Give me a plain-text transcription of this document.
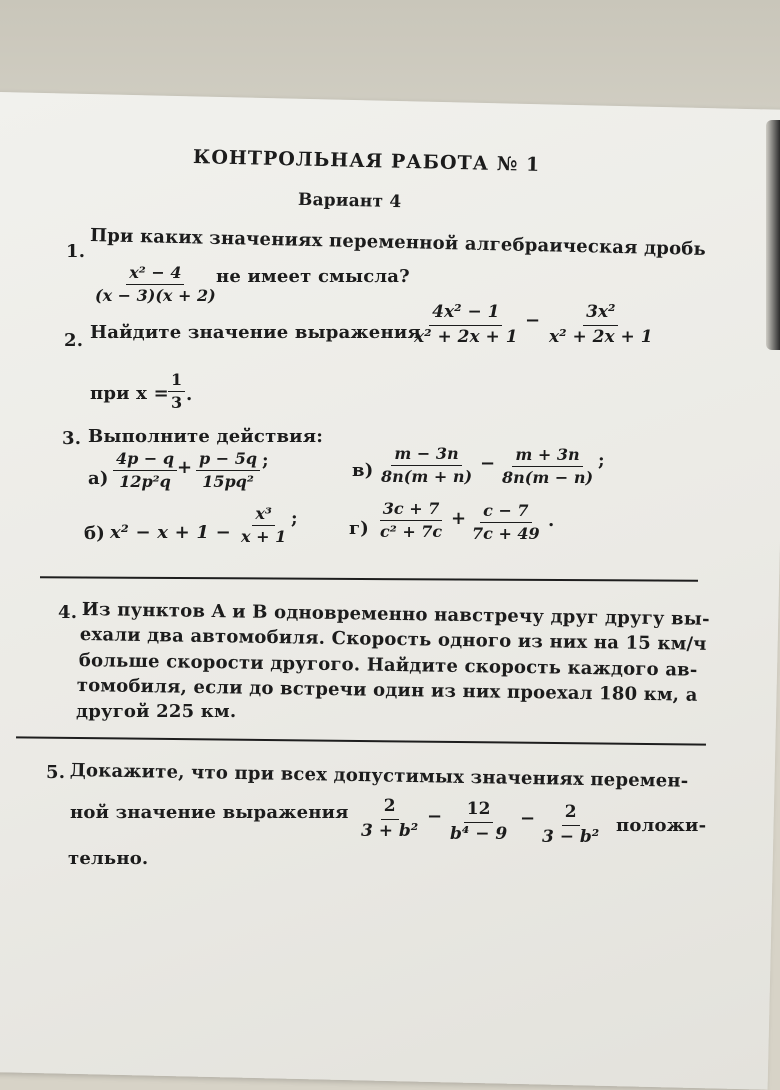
КОНТРОЛЬНАЯ РАБОТА № 1
Вариант 4
1. При каких значениях переменной алгебраическая дробь
$\frac{\text{x² − 4}}{(x - 3)(x + 2)}$
не имеет смысла?
2. Найдите значение выражения
$\frac{\text{4x² − 1}}{\text{x² + 2x + 1}} - \frac{\text{3x²}}{\text{x² + 2x + 1}}$
при $x = \frac{1}{3}$ .
3. Выполните действия:
$а) \frac{4p - q}{\text{12p²q}} + \frac{p - 5q}{\text{15pq²}}$ ;	$в) \frac{m - 3n}{8n(m + n)} - \frac{m + 3n}{8n(m - n)}$ ;
б) $x^2 - x + 1 - \frac{\text{x³}}{x + 1}$ ;	$г) \frac{3c + 7}{\text{c² + 7c}} + \frac{c - 7}{7c + 49}$ .
4. Из пунктов A и B одновременно навстречу друг другу вы-
ехали два автомобиля. Скорость одного из них на 15 км/ч
больше скорости другого. Найдите скорость каждого ав-
томобиля, если до встречи один из них проехал 180 км, а
другой 225 км.
5. Докажите, что при всех допустимых значениях перемен-
ной значение выражения $\frac{2}{\text{3 + b²}} - \frac{12}{\text{b⁴ − 9}} - \frac{2}{\text{3 − b²}}$ положи-
тельно.
